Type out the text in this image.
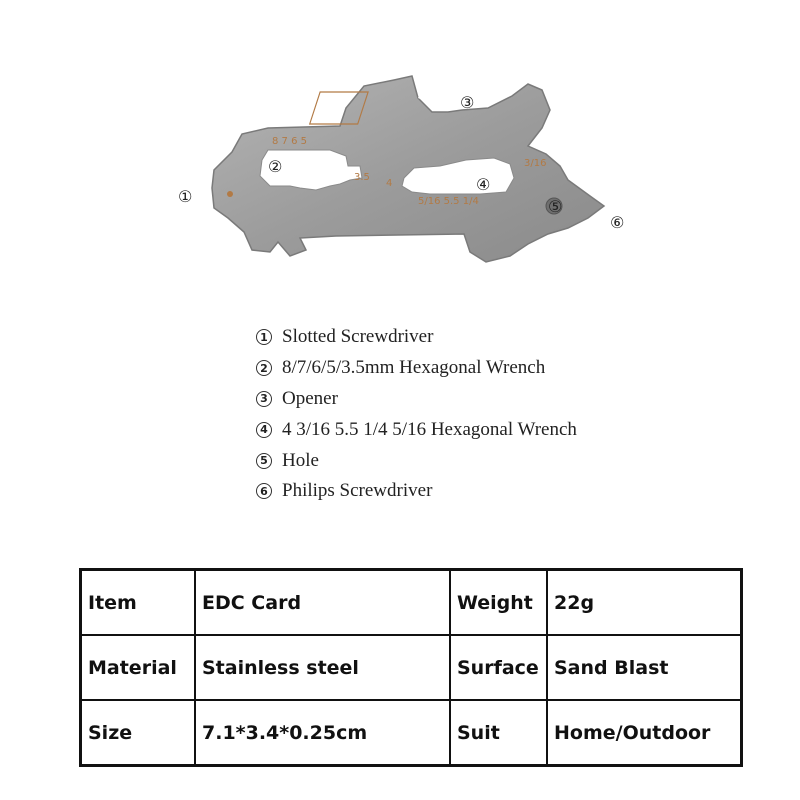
8 7 6 5
3.5
5/16 5.5 1/4
3/16
4
①
②
③
④
⑤
⑥
1 Slotted Screwdriver
2 8/7/6/5/3.5mm Hexagonal Wrench
3 Opener
4 4 3/16 5.5 1/4 5/16 Hexagonal Wrench
5 Hole
6 Philips Screwdriver
Item	EDC Card	Weight	22g
Material	Stainless steel	Surface	Sand Blast
Size	7.1*3.4*0.25cm	Suit	Home/Outdoor
